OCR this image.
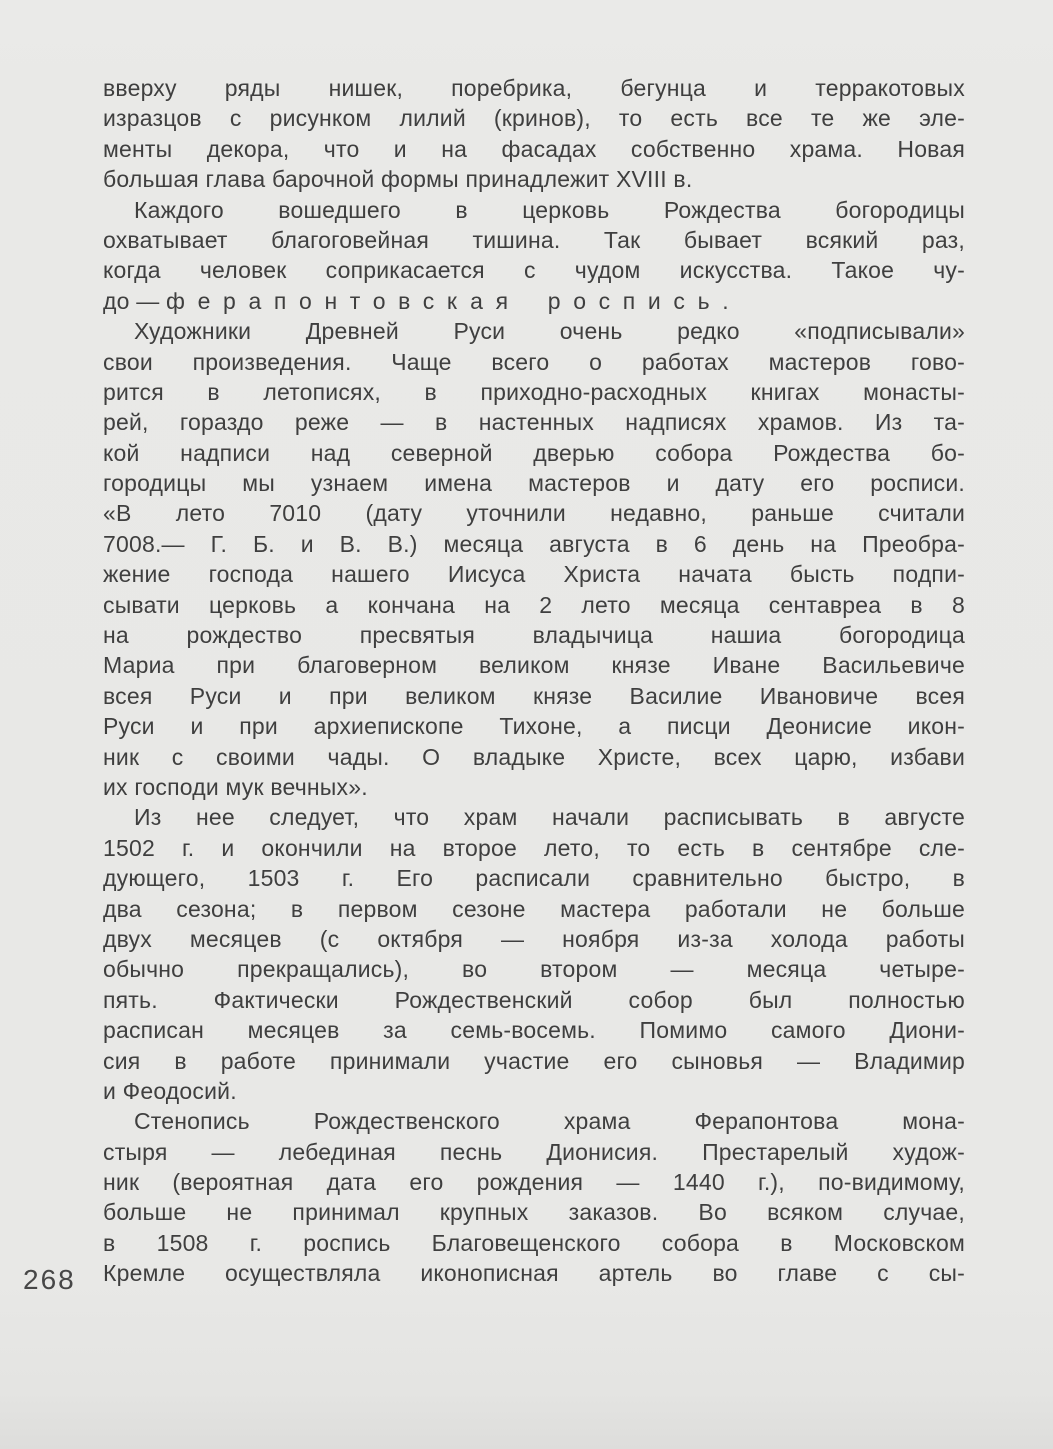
вверху ряды нишек, поребрика, бегунца и терракотовых
изразцов с рисунком лилий (кринов), то есть все те же эле-
менты декора, что и на фасадах собственно храма. Новая
большая глава барочной формы принадлежит XVIII в.

Каждого вошедшего в церковь Рождества богородицы
охватывает благоговейная тишина. Так бывает всякий раз,
когда человек соприкасается с чудом искусства. Такое чу-
до — ферапонтовская роспись.

Художники Древней Руси очень редко «подписывали»
свои произведения. Чаще всего о работах мастеров гово-
рится в летописях, в приходно-расходных книгах монасты-
рей, гораздо реже — в настенных надписях храмов. Из та-
кой надписи над северной дверью собора Рождества бо-
городицы мы узнаем имена мастеров и дату его росписи.
«В лето 7010 (дату уточнили недавно, раньше считали
7008.— Г. Б. и В. В.) месяца августа в 6 день на Преобра-
жение господа нашего Иисуса Христа начата бысть подпи-
сывати церковь а кончана на 2 лето месяца сентавреа в 8
на рождество пресвятыя владычица нашиа богородица
Мариа при благоверном великом князе Иване Васильевиче
всея Руси и при великом князе Василие Ивановиче всея
Руси и при архиепископе Тихоне, а писци Деонисие икон-
ник с своими чады. О владыке Христе, всех царю, избави
их господи мук вечных».

Из нее следует, что храм начали расписывать в августе
1502 г. и окончили на второе лето, то есть в сентябре сле-
дующего, 1503 г. Его расписали сравнительно быстро, в
два сезона; в первом сезоне мастера работали не больше
двух месяцев (с октября — ноября из-за холода работы
обычно прекращались), во втором — месяца четыре-
пять. Фактически Рождественский собор был полностью
расписан месяцев за семь-восемь. Помимо самого Диони-
сия в работе принимали участие его сыновья — Владимир
и Феодосий.

Стенопись Рождественского храма Ферапонтова мона-
стыря — лебединая песнь Дионисия. Престарелый худож-
ник (вероятная дата его рождения — 1440 г.), по-видимому,
больше не принимал крупных заказов. Во всяком случае,
в 1508 г. роспись Благовещенского собора в Московском
Кремле осуществляла иконописная артель во главе с сы-

268
